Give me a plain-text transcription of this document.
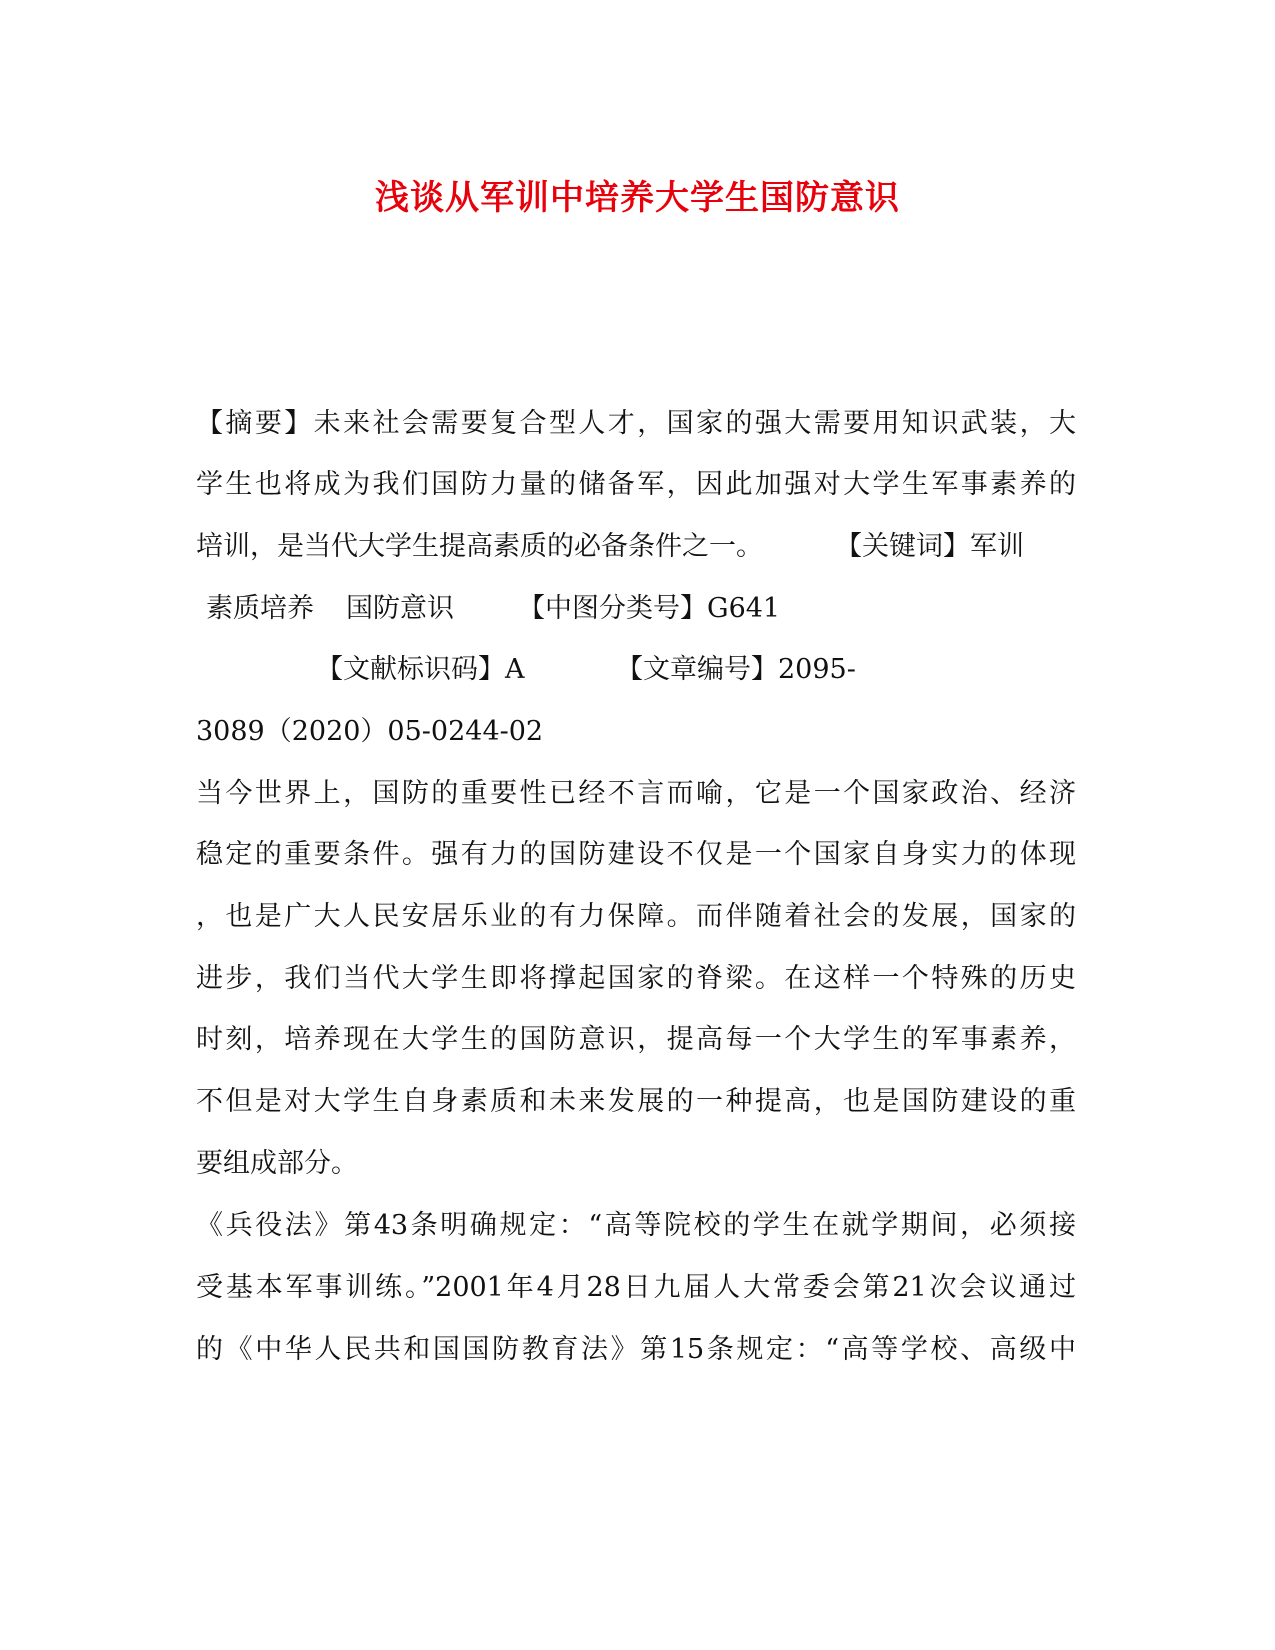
浅谈从军训中培养大学生国防意识
【摘要】未来社会需要复合型人才，国家的强大需要用知识武装，大
学生也将成为我们国防力量的储备军，因此加强对大学生军事素养的
培训，是当代大学生提高素质的必备条件之一。	【关键词】军训
素质培养 国防意识 【中图分类号】G641
【文献标识码】A	【文章编号】2095-
3089（2020）05-0244-02
当今世界上，国防的重要性已经不言而喻，它是一个国家政治、经济
稳定的重要条件。强有力的国防建设不仅是一个国家自身实力的体现
，也是广大人民安居乐业的有力保障。而伴随着社会的发展，国家的
进步，我们当代大学生即将撑起国家的脊梁。在这样一个特殊的历史
时刻，培养现在大学生的国防意识，提高每一个大学生的军事素养，
不但是对大学生自身素质和未来发展的一种提高，也是国防建设的重
要组成部分。
《兵役法》第43条明确规定：“高等院校的学生在就学期间，必须接
受基本军事训练。”2001年4月28日九届人大常委会第21次会议通过
的《中华人民共和国国防教育法》第15条规定：“高等学校、高级中
